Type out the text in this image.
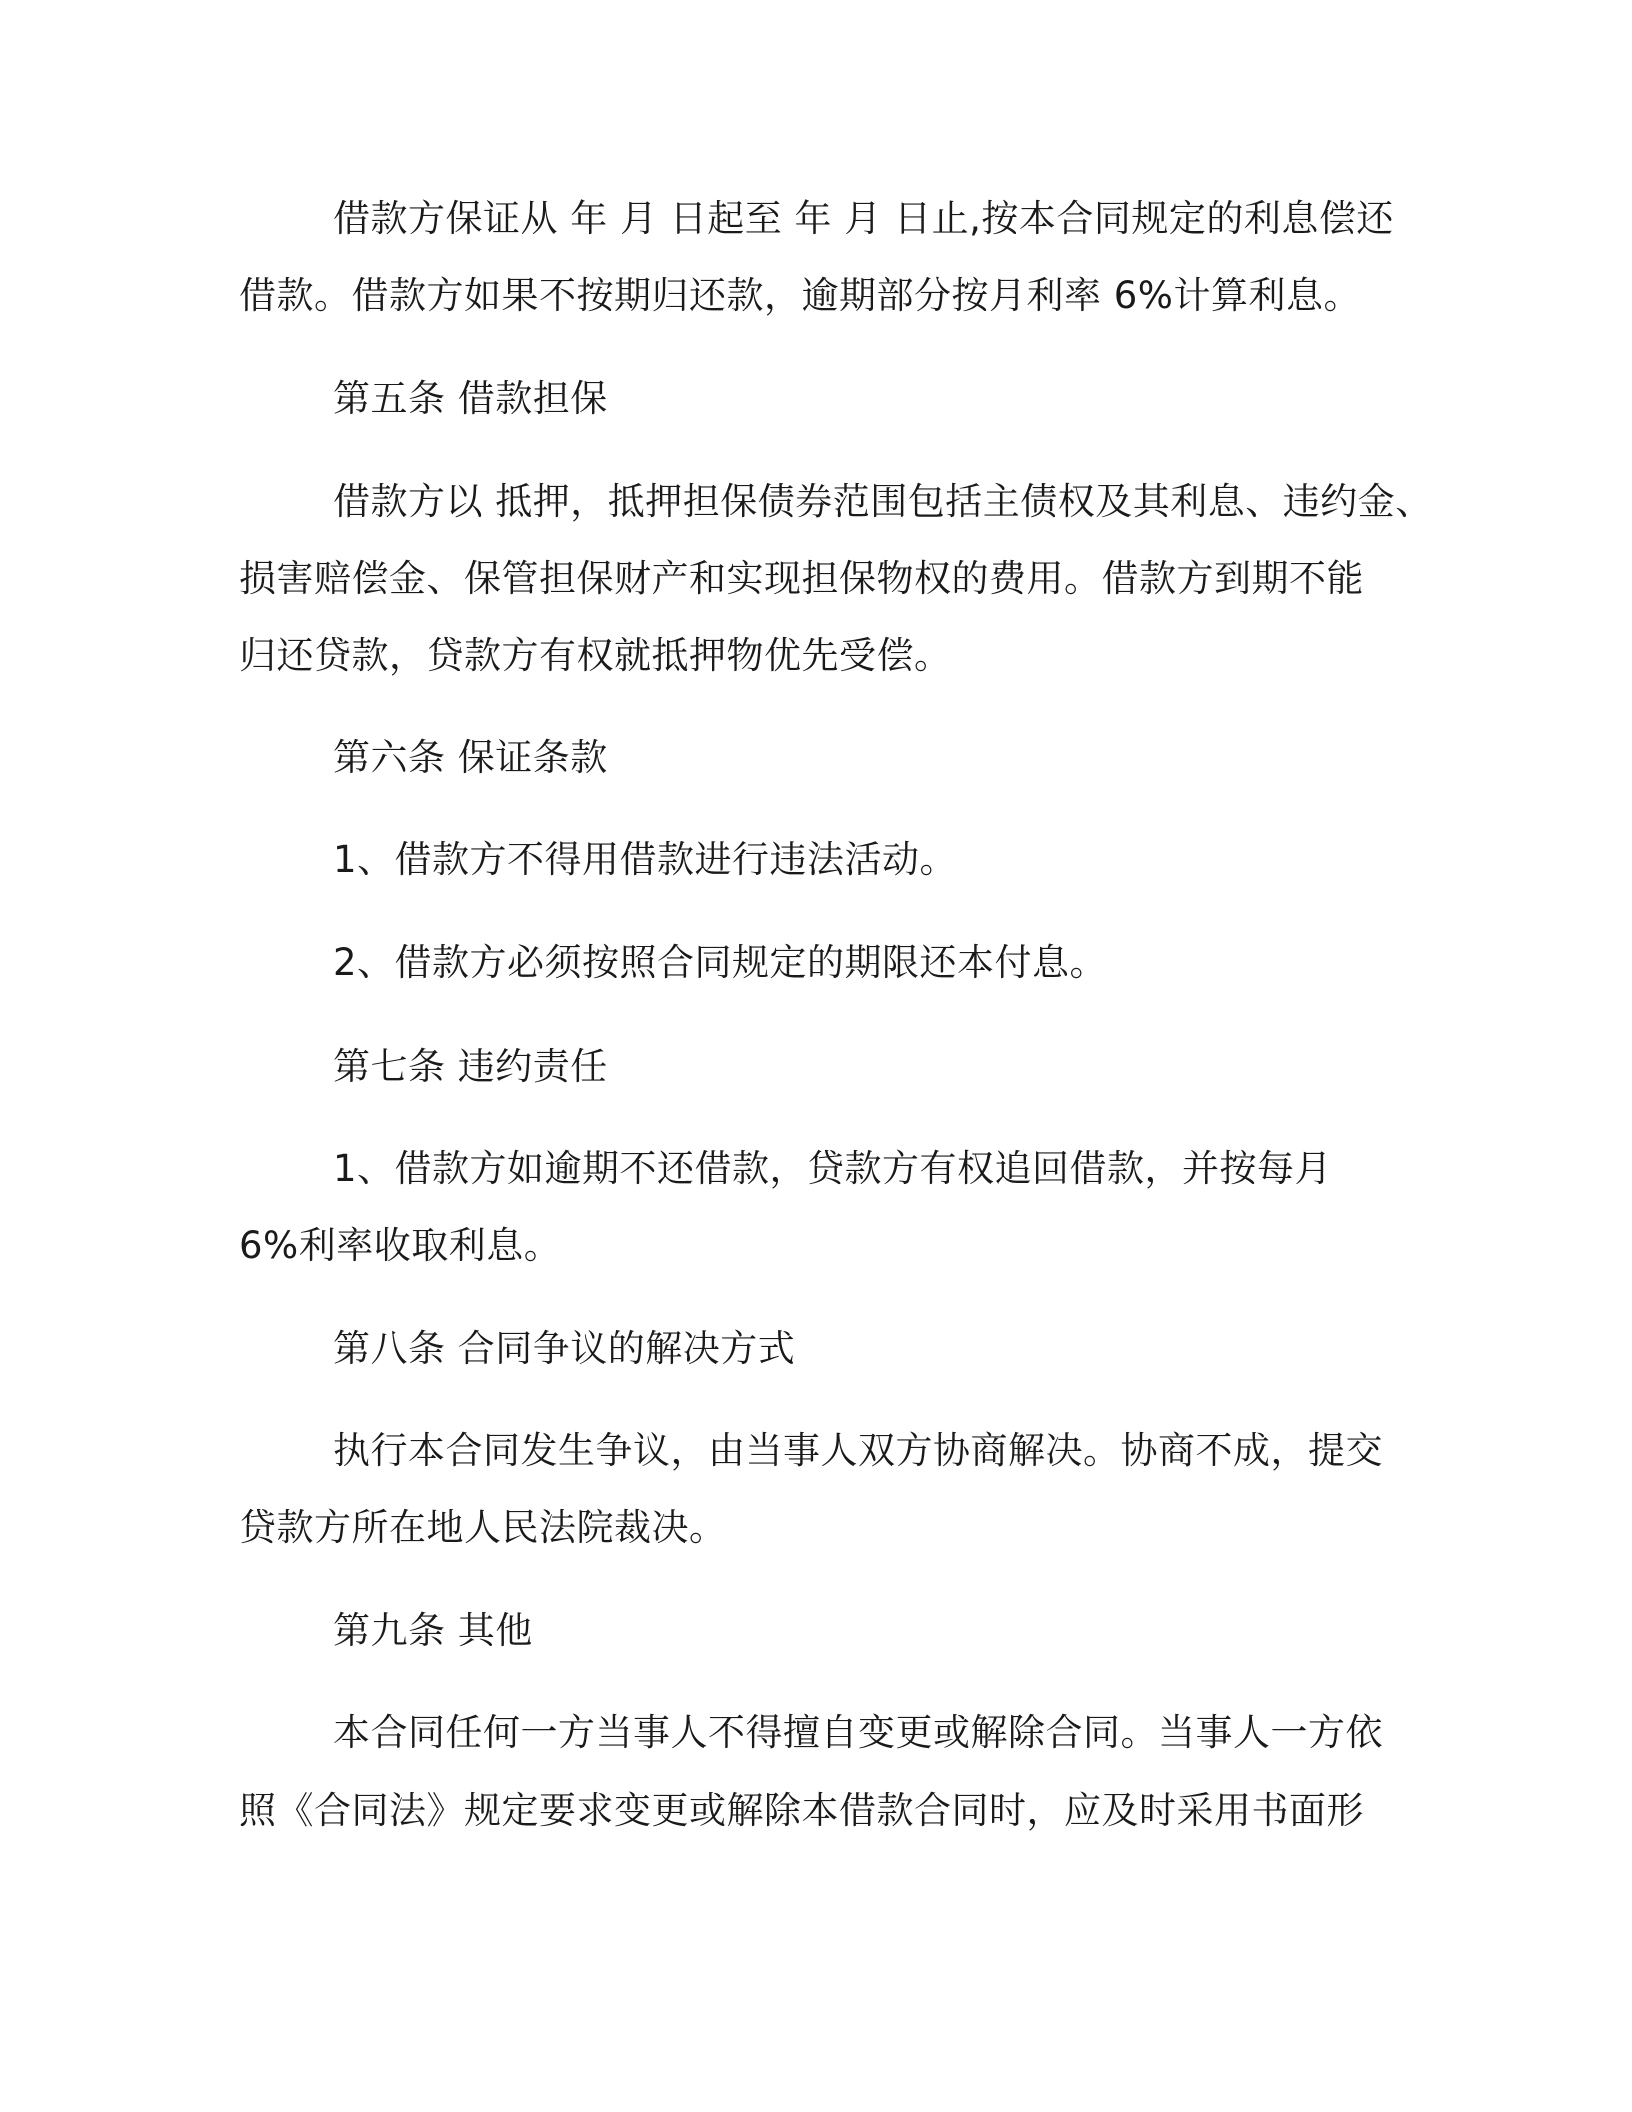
借款方保证从 年 月 日起至 年 月 日止,按本合同规定的利息偿还
借款。借款方如果不按期归还款，逾期部分按月利率 6%计算利息。
第五条 借款担保
借款方以 抵押，抵押担保债券范围包括主债权及其利息、违约金、
损害赔偿金、保管担保财产和实现担保物权的费用。借款方到期不能
归还贷款，贷款方有权就抵押物优先受偿。
第六条 保证条款
1、借款方不得用借款进行违法活动。
2、借款方必须按照合同规定的期限还本付息。
第七条 违约责任
1、借款方如逾期不还借款，贷款方有权追回借款，并按每月
6%利率收取利息。
第八条 合同争议的解决方式
执行本合同发生争议，由当事人双方协商解决。协商不成，提交
贷款方所在地人民法院裁决。
第九条 其他
本合同任何一方当事人不得擅自变更或解除合同。当事人一方依
照《合同法》规定要求变更或解除本借款合同时，应及时采用书面形
